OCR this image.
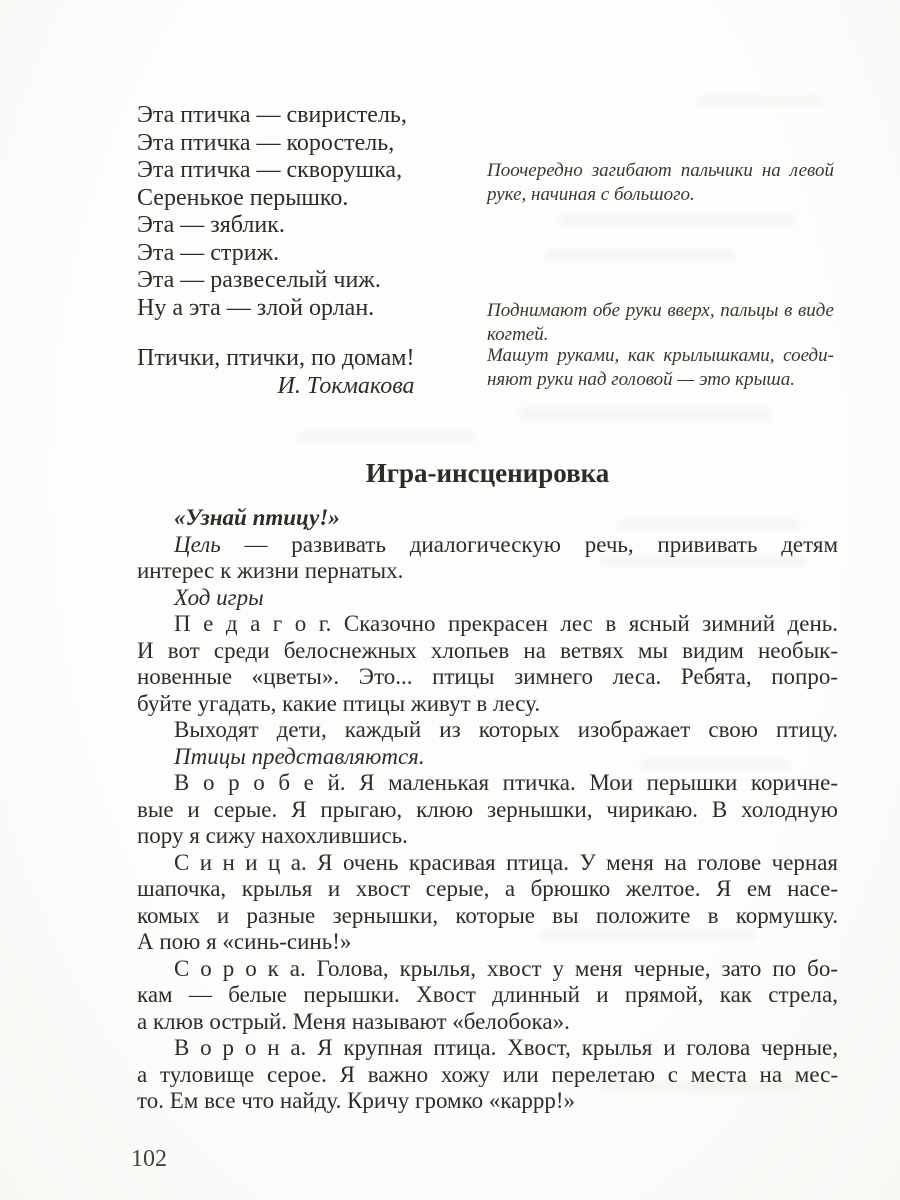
Эта птичка — свиристель,
Эта птичка — коростель,
Эта птичка — скворушка,
Серенькое перышко.
Эта — зяблик.
Эта — стриж.
Эта — развеселый чиж.
Ну а эта — злой орлан.
Птички, птички, по домам!
И. Токмакова
Поочередно загибают пальчики на левой
руке, начиная с большого.
Поднимают обе руки вверх, пальцы в виде
когтей.
Машут руками, как крылышками, соеди-
няют руки над головой — это крыша.
Игра-инсценировка
«Узнай птицу!»
Цель — развивать диалогическую речь, прививать детям
интерес к жизни пернатых.
Ход игры
П е д а г о г. Сказочно прекрасен лес в ясный зимний день.
И вот среди белоснежных хлопьев на ветвях мы видим необык-
новенные «цветы». Это... птицы зимнего леса. Ребята, попро-
буйте угадать, какие птицы живут в лесу.
Выходят дети, каждый из которых изображает свою птицу.
Птицы представляются.
В о р о б е й. Я маленькая птичка. Мои перышки коричне-
вые и серые. Я прыгаю, клюю зернышки, чирикаю. В холодную
пору я сижу нахохлившись.
С и н и ц а. Я очень красивая птица. У меня на голове черная
шапочка, крылья и хвост серые, а брюшко желтое. Я ем насе-
комых и разные зернышки, которые вы положите в кормушку.
А пою я «синь-синь!»
С о р о к а. Голова, крылья, хвост у меня черные, зато по бо-
кам — белые перышки. Хвост длинный и прямой, как стрела,
а клюв острый. Меня называют «белобока».
В о р о н а. Я крупная птица. Хвост, крылья и голова черные,
а туловище серое. Я важно хожу или перелетаю с места на мес-
то. Ем все что найду. Кричу громко «каррр!»
102
